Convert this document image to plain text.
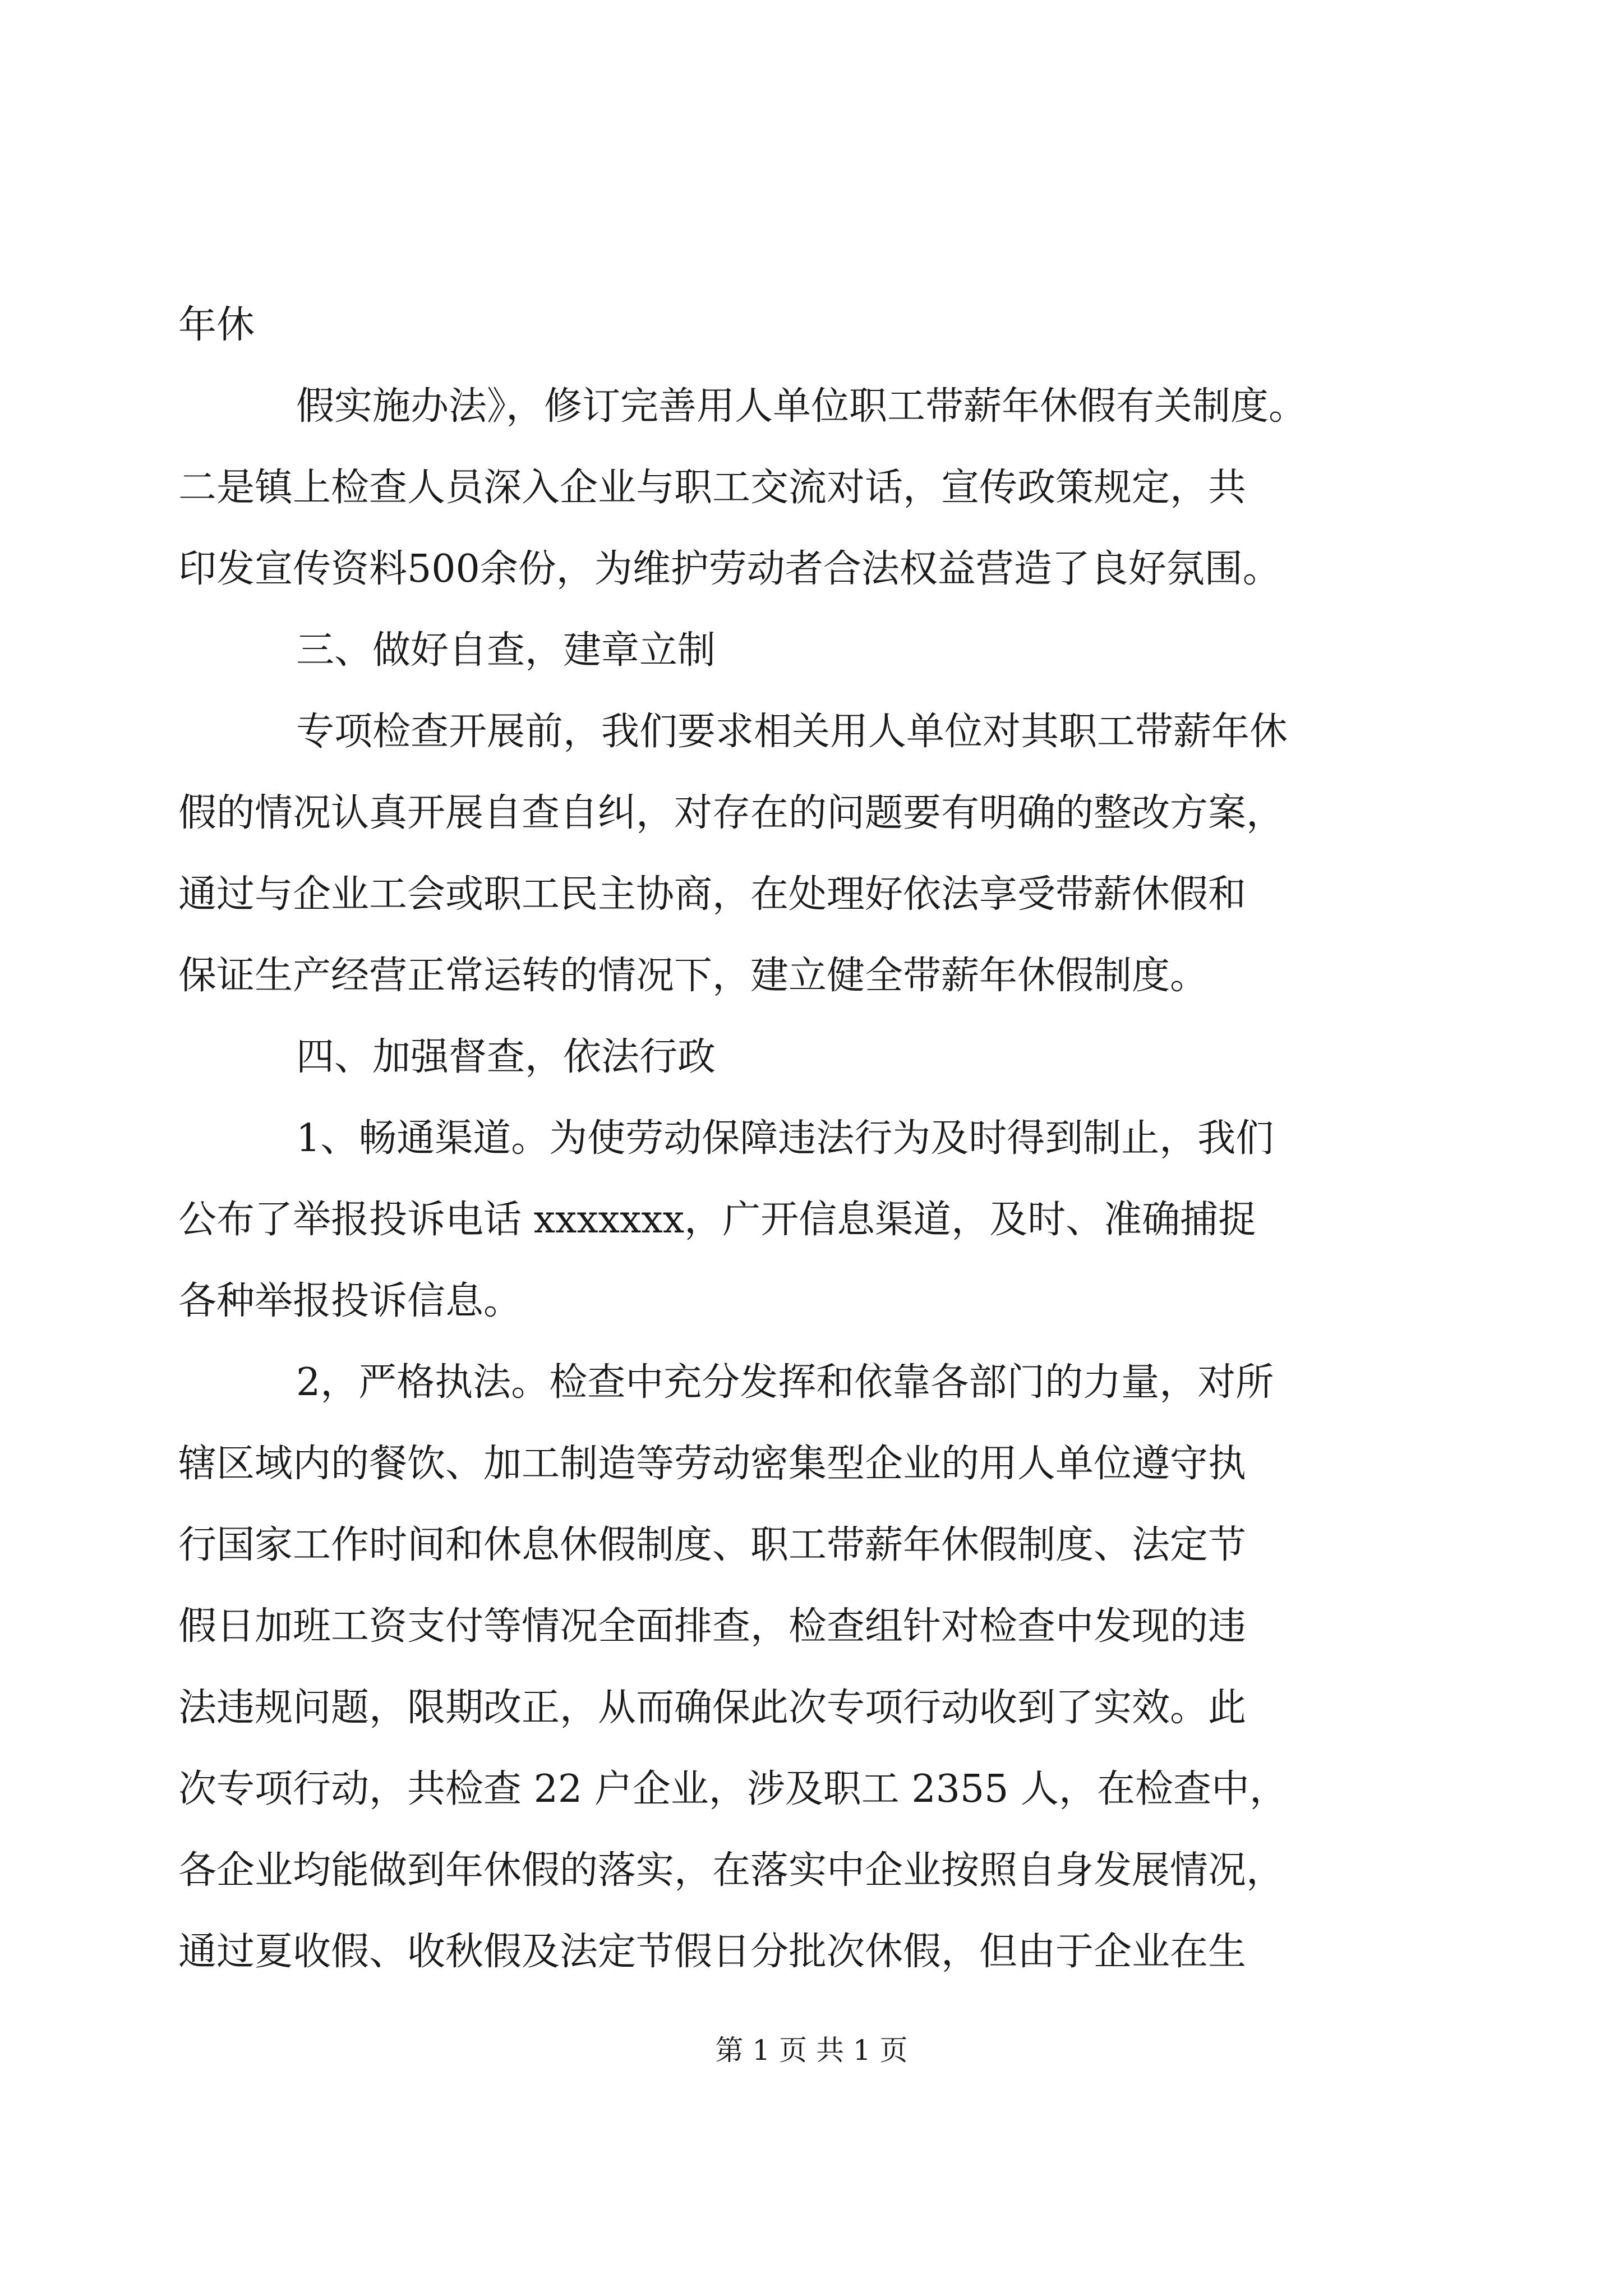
年休
假实施办法》，修订完善用人单位职工带薪年休假有关制度。
二是镇上检查人员深入企业与职工交流对话，宣传政策规定，共
印发宣传资料500余份，为维护劳动者合法权益营造了良好氛围。
三、做好自查，建章立制
专项检查开展前，我们要求相关用人单位对其职工带薪年休
假的情况认真开展自查自纠，对存在的问题要有明确的整改方案，
通过与企业工会或职工民主协商，在处理好依法享受带薪休假和
保证生产经营正常运转的情况下，建立健全带薪年休假制度。
四、加强督查，依法行政
1、畅通渠道。为使劳动保障违法行为及时得到制止，我们
公布了举报投诉电话 xxxxxxx，广开信息渠道，及时、准确捕捉
各种举报投诉信息。
2，严格执法。检查中充分发挥和依靠各部门的力量，对所
辖区域内的餐饮、加工制造等劳动密集型企业的用人单位遵守执
行国家工作时间和休息休假制度、职工带薪年休假制度、法定节
假日加班工资支付等情况全面排查，检查组针对检查中发现的违
法违规问题，限期改正，从而确保此次专项行动收到了实效。此
次专项行动，共检查 22 户企业，涉及职工 2355 人，在检查中，
各企业均能做到年休假的落实，在落实中企业按照自身发展情况，
通过夏收假、收秋假及法定节假日分批次休假，但由于企业在生
第 1 页 共 1 页
